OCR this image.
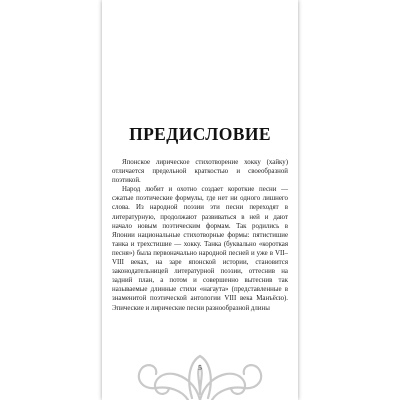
ПРЕДИСЛОВИЕ

Японское лирическое стихотворение хокку (хайку) отличается предельной краткостью и своеобразной поэтикой.

Народ любит и охотно создает короткие песни — сжатые поэтические формулы, где нет ни одного лишнего слова. Из народной поэзии эти песни переходят в литературную, продолжают развиваться в ней и дают начало новым поэтическим формам. Так родились в Японии национальные стихотворные формы: пятистишие танка и трехстишие — хокку. Танка (буквально «короткая песня») была первоначально народной песней и уже в VII–VIII веках, на заре японской истории, становится законодательницей литературной поэзии, оттеснив на задний план, а потом и совершенно вытеснив так называемые длинные стихи «нагаута» (представленные в знаменитой поэтической антологии VIII века Манъёсю). Эпические и лирические песни разнообразной длины

5
